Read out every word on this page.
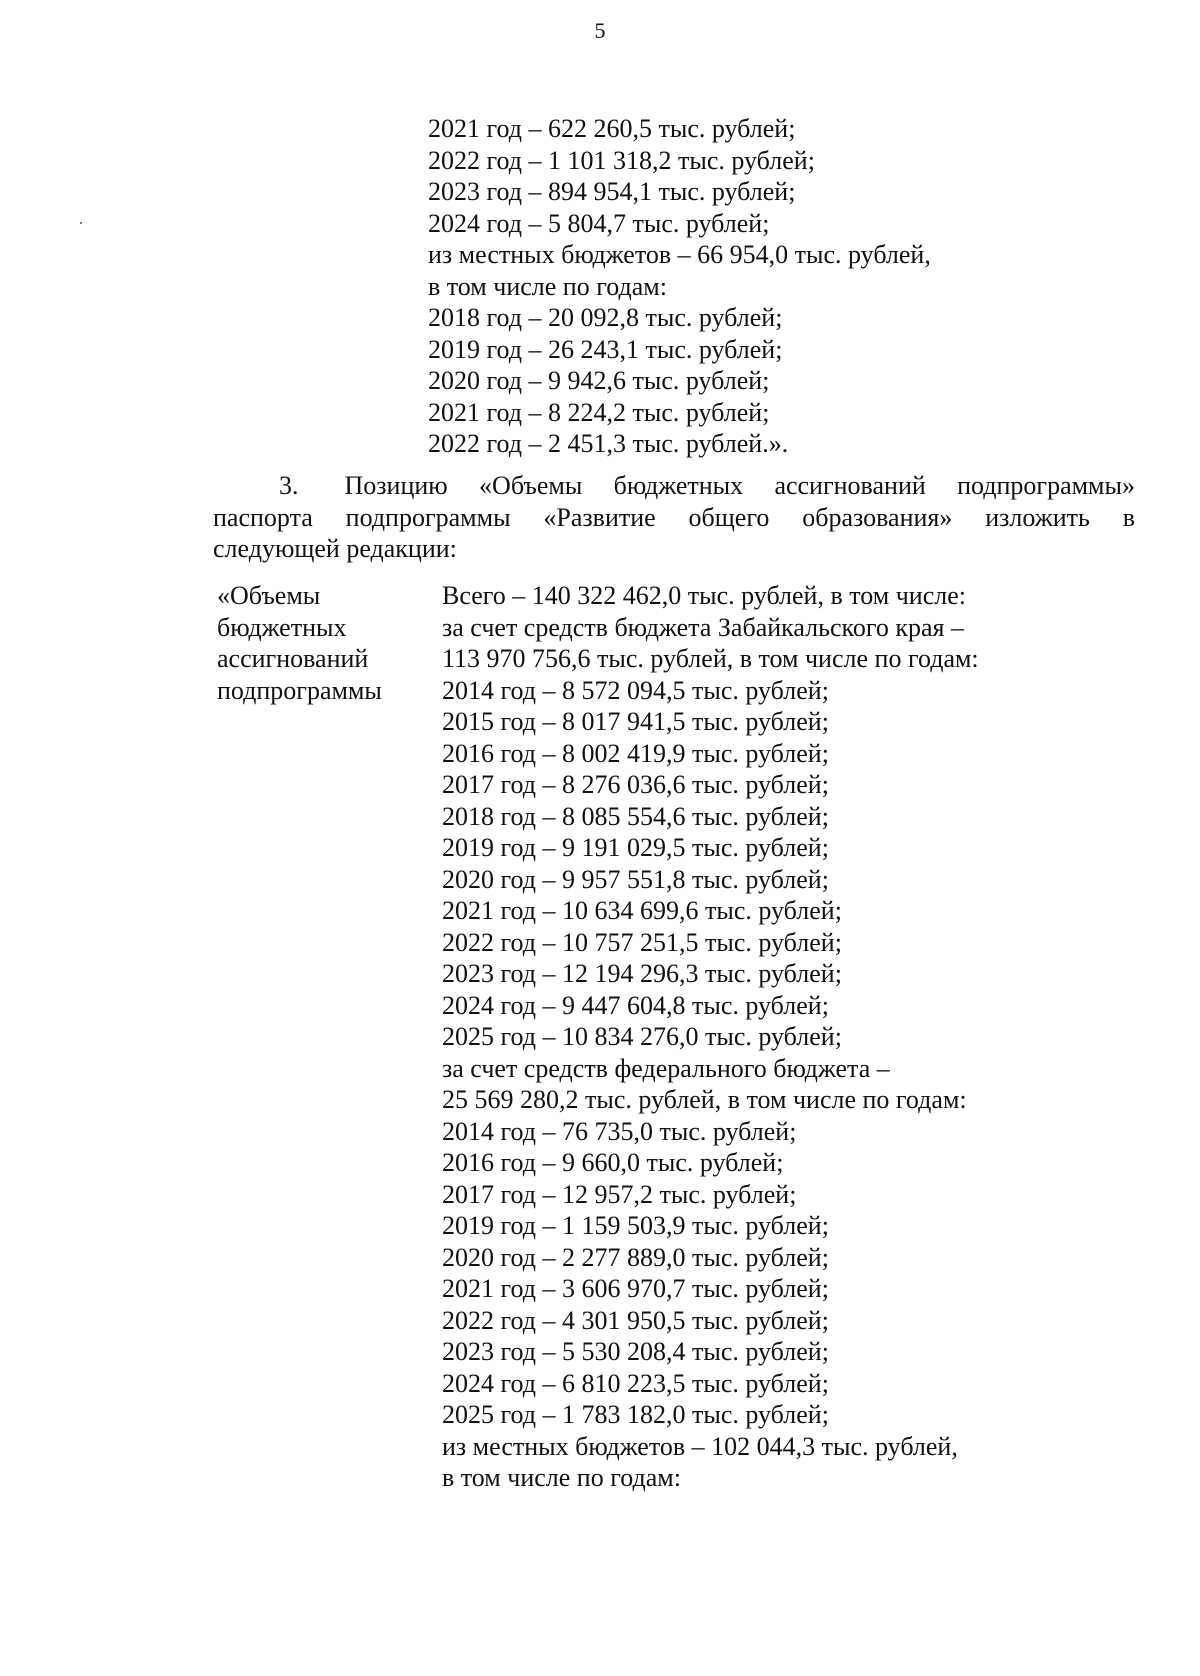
5
2021 год – 622 260,5 тыс. рублей;
2022 год – 1 101 318,2 тыс. рублей;
2023 год – 894 954,1 тыс. рублей;
2024 год – 5 804,7 тыс. рублей;
из местных бюджетов – 66 954,0 тыс. рублей,
в том числе по годам:
2018 год – 20 092,8 тыс. рублей;
2019 год – 26 243,1 тыс. рублей;
2020 год – 9 942,6 тыс. рублей;
2021 год – 8 224,2 тыс. рублей;
2022 год – 2 451,3 тыс. рублей.».
3. Позицию «Объемы бюджетных ассигнований подпрограммы»
паспорта подпрограммы «Развитие общего образования» изложить в
следующей редакции:
«Объемы
бюджетных
ассигнований
подпрограммы
Всего – 140 322 462,0 тыс. рублей, в том числе:
за счет средств бюджета Забайкальского края –
113 970 756,6 тыс. рублей, в том числе по годам:
2014 год – 8 572 094,5 тыс. рублей;
2015 год – 8 017 941,5 тыс. рублей;
2016 год – 8 002 419,9 тыс. рублей;
2017 год – 8 276 036,6 тыс. рублей;
2018 год – 8 085 554,6 тыс. рублей;
2019 год – 9 191 029,5 тыс. рублей;
2020 год – 9 957 551,8 тыс. рублей;
2021 год – 10 634 699,6 тыс. рублей;
2022 год – 10 757 251,5 тыс. рублей;
2023 год – 12 194 296,3 тыс. рублей;
2024 год – 9 447 604,8 тыс. рублей;
2025 год – 10 834 276,0 тыс. рублей;
за счет средств федерального бюджета –
25 569 280,2 тыс. рублей, в том числе по годам:
2014 год – 76 735,0 тыс. рублей;
2016 год – 9 660,0 тыс. рублей;
2017 год – 12 957,2 тыс. рублей;
2019 год – 1 159 503,9 тыс. рублей;
2020 год – 2 277 889,0 тыс. рублей;
2021 год – 3 606 970,7 тыс. рублей;
2022 год – 4 301 950,5 тыс. рублей;
2023 год – 5 530 208,4 тыс. рублей;
2024 год – 6 810 223,5 тыс. рублей;
2025 год – 1 783 182,0 тыс. рублей;
из местных бюджетов – 102 044,3 тыс. рублей,
в том числе по годам:
